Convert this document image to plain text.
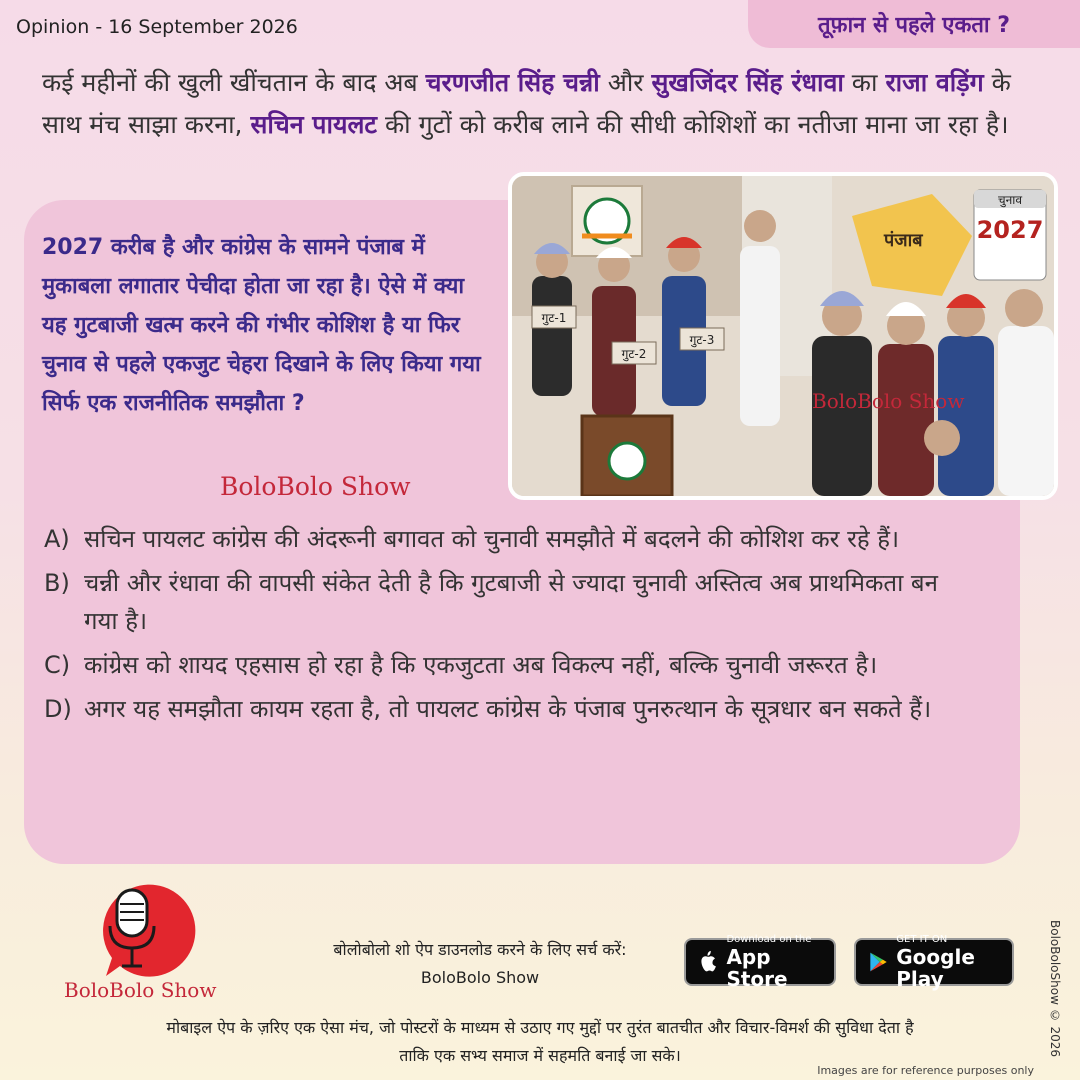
Opinion - 16 September 2026	तूफ़ान से पहले एकता ?
कई महीनों की खुली खींचतान के बाद अब चरणजीत सिंह चन्नी और सुखजिंदर सिंह रंधावा का राजा वड़िंग के साथ मंच साझा करना, सचिन पायलट की गुटों को करीब लाने की सीधी कोशिशों का नतीजा माना जा रहा है।
2027 करीब है और कांग्रेस के सामने पंजाब में मुकाबला लगातार पेचीदा होता जा रहा है। ऐसे में क्या यह गुटबाजी खत्म करने की गंभीर कोशिश है या फिर चुनाव से पहले एकजुट चेहरा दिखाने के लिए किया गया सिर्फ एक राजनीतिक समझौता ?
BoloBolo Show
पंजाब
चुनाव
2027
गुट-1
गुट-2
गुट-3
BoloBolo Show
A) सचिन पायलट कांग्रेस की अंदरूनी बगावत को चुनावी समझौते में बदलने की कोशिश कर रहे हैं।
B) चन्नी और रंधावा की वापसी संकेत देती है कि गुटबाजी से ज्यादा चुनावी अस्तित्व अब प्राथमिकता बन गया है।
C) कांग्रेस को शायद एहसास हो रहा है कि एकजुटता अब विकल्प नहीं, बल्कि चुनावी जरूरत है।
D) अगर यह समझौता कायम रहता है, तो पायलट कांग्रेस के पंजाब पुनरुत्थान के सूत्रधार बन सकते हैं।
BoloBolo Show
बोलोबोलो शो ऐप डाउनलोड करने के लिए सर्च करें:
BoloBolo Show
Download on the
App Store
GET IT ON
Google Play
मोबाइल ऐप के ज़रिए एक ऐसा मंच, जो पोस्टरों के माध्यम से उठाए गए मुद्दों पर तुरंत बातचीत और विचार-विमर्श की सुविधा देता है
ताकि एक सभ्य समाज में सहमति बनाई जा सके।	BoloBoloShow © 2026
Images are for reference purposes only
